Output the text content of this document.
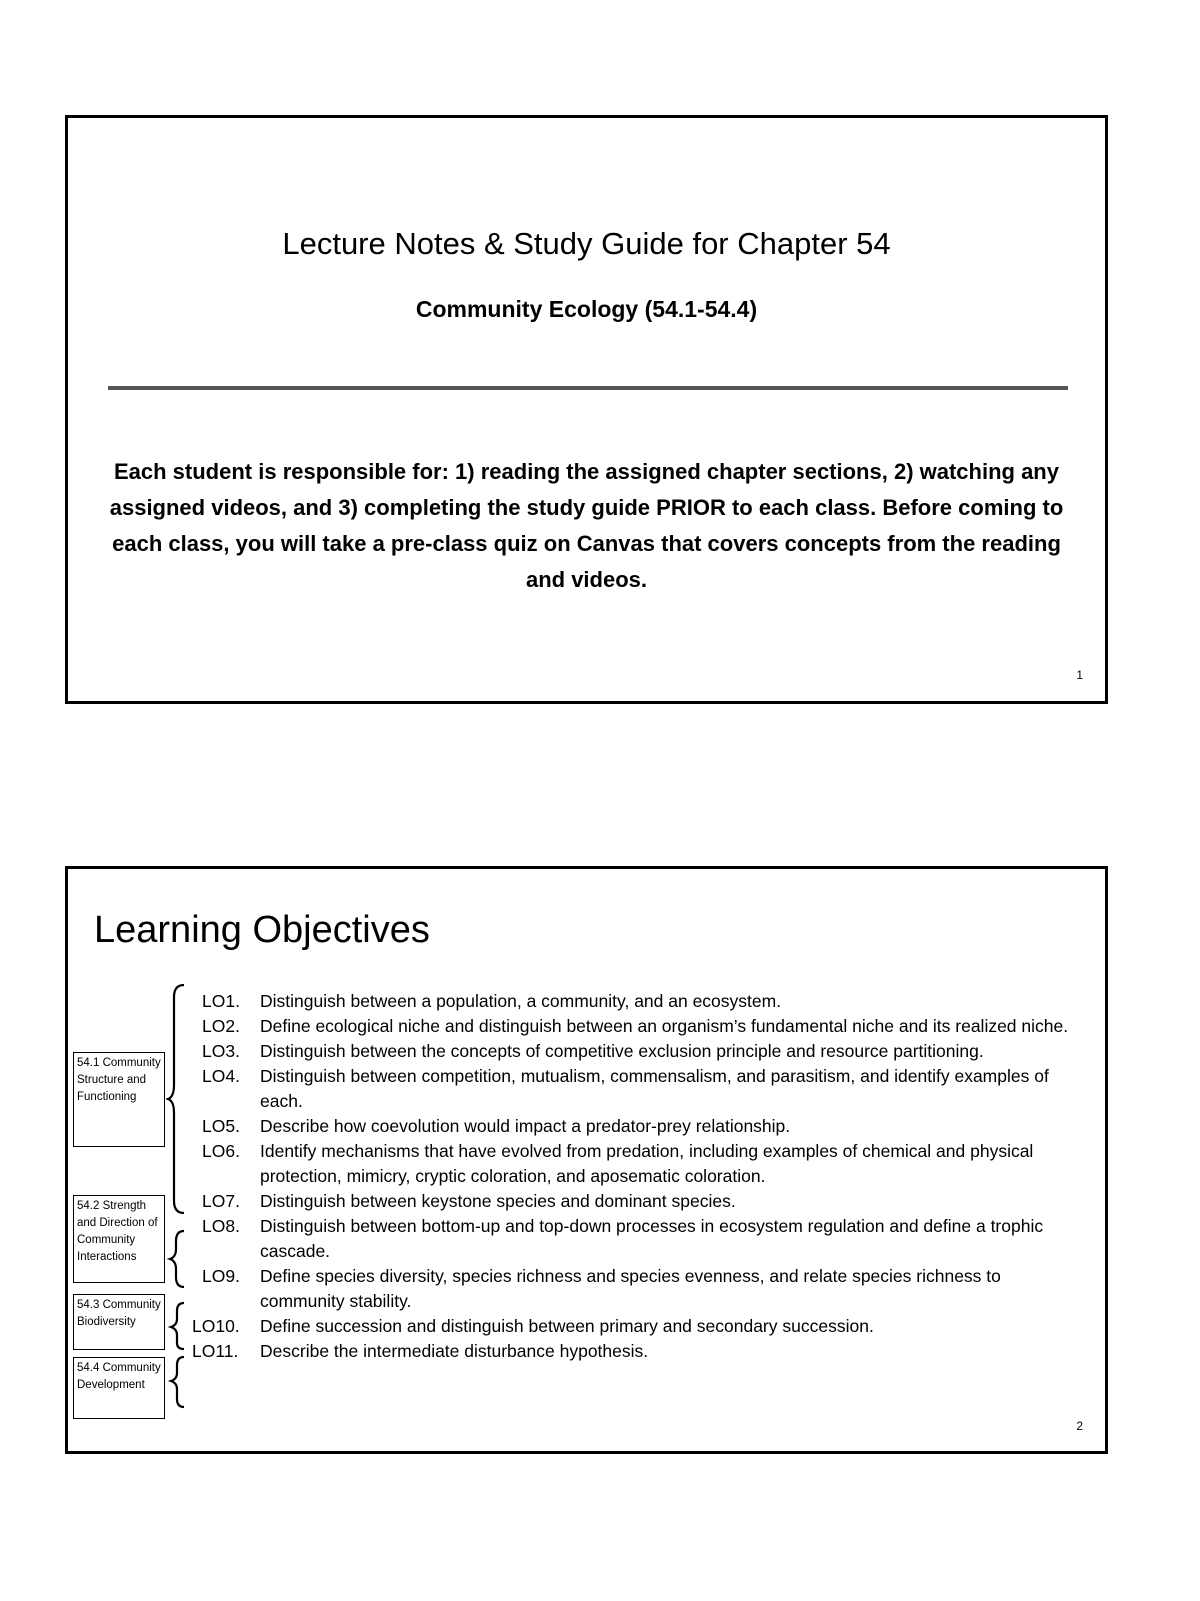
Lecture Notes & Study Guide for Chapter 54
Community Ecology (54.1-54.4)
Each student is responsible for: 1) reading the assigned chapter sections, 2) watching any assigned videos, and 3) completing the study guide PRIOR to each class. Before coming to each class, you will take a pre-class quiz on Canvas that covers concepts from the reading and videos.
1
Learning Objectives
54.1 Community Structure and Functioning
54.2 Strength and Direction of Community Interactions
54.3 Community Biodiversity
54.4 Community Development
LO1.	Distinguish between a population, a community, and an ecosystem.
LO2.	Define ecological niche and distinguish between an organism’s fundamental niche and its realized niche.
LO3.	Distinguish between the concepts of competitive exclusion principle and resource partitioning.
LO4.	Distinguish between competition, mutualism, commensalism, and parasitism, and identify examples of each.
LO5.	Describe how coevolution would impact a predator-prey relationship.
LO6.	Identify mechanisms that have evolved from predation, including examples of chemical and physical protection, mimicry, cryptic coloration, and aposematic coloration.
LO7.	Distinguish between keystone species and dominant species.
LO8.	Distinguish between bottom-up and top-down processes in ecosystem regulation and define a trophic cascade.
LO9.	Define species diversity, species richness and species evenness, and relate species richness to community stability.
LO10.	Define succession and distinguish between primary and secondary succession.
LO11.	Describe the intermediate disturbance hypothesis.
2
